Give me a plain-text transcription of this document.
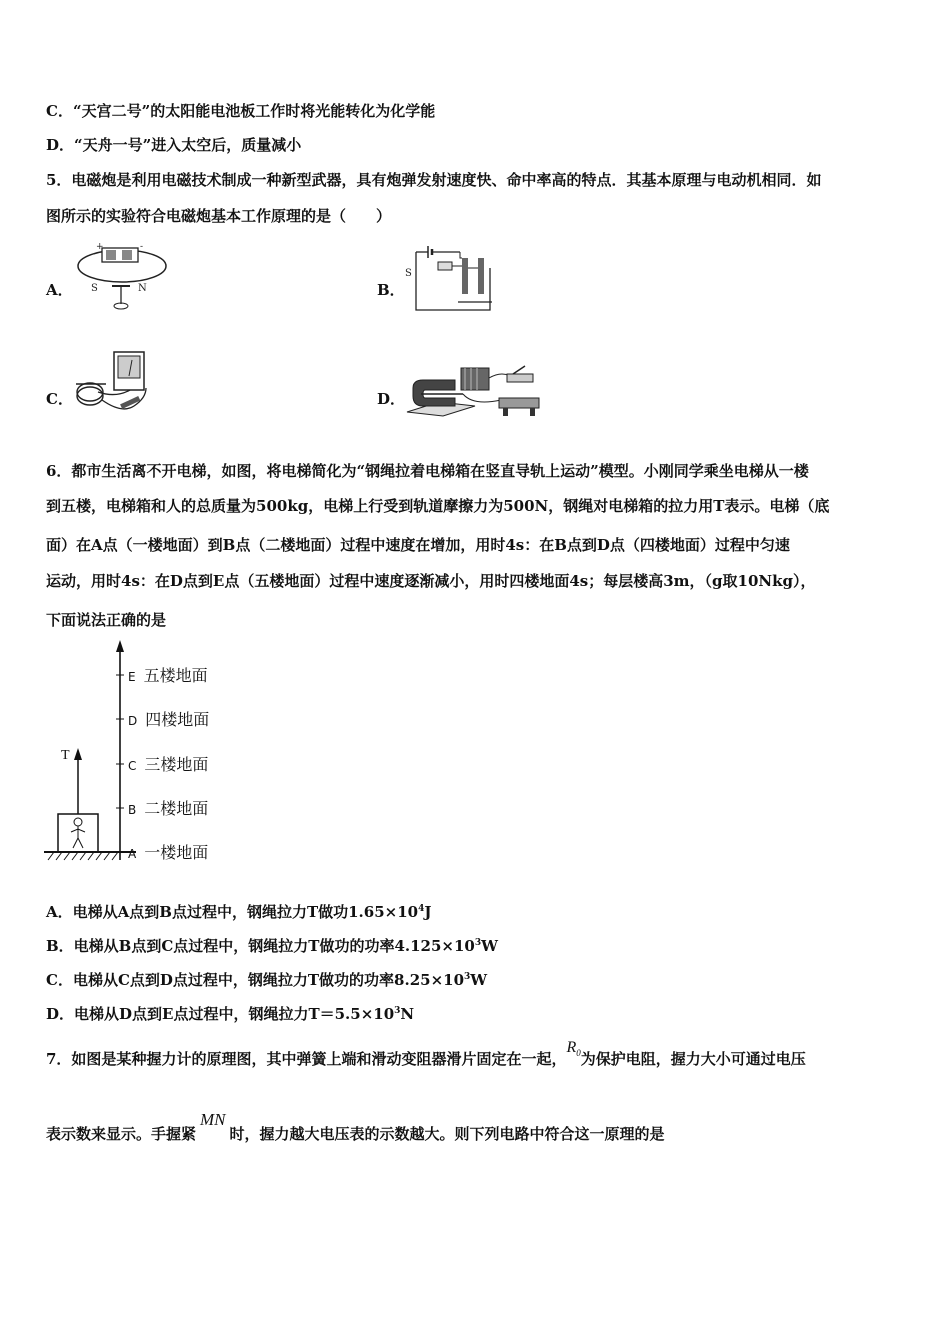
C．“天宫二号”的太阳能电池板工作时将光能转化为化学能
D．“天舟一号”进入太空后，质量减小
5．电磁炮是利用电磁技术制成一种新型武器，具有炮弹发射速度快、命中率高的特点．其基本原理与电动机相同．如
图所示的实验符合电磁炮基本工作原理的是（　　）
A．
+	-
S	N	B．
S
C．	D．
6．都市生活离不开电梯，如图，将电梯简化为“钢绳拉着电梯箱在竖直导轨上运动”模型。小刚同学乘坐电梯从一楼
到五楼，电梯箱和人的总质量为500kg，电梯上行受到轨道摩擦力为500N，钢绳对电梯箱的拉力用T表示。电梯（底
面）在A点（一楼地面）到B点（二楼地面）过程中速度在增加，用时4s：在B点到D点（四楼地面）过程中匀速
运动，用时4s：在D点到E点（五楼地面）过程中速度逐渐减小，用时四楼地面4s；每层楼高3m，（g取10Nkg），
下面说法正确的是
T
E 五楼地面
D 四楼地面
C 三楼地面
B 二楼地面
A 一楼地面
A．电梯从A点到B点过程中，钢绳拉力T做功$1.65\times 10^4J$
B．电梯从B点到C点过程中，钢绳拉力T做功的功率$4.125\times 10^3W$
C．电梯从C点到D点过程中，钢绳拉力T做功的功率$8.25\times 10^3W$
D．电梯从D点到E点过程中，钢绳拉力$T=5.5\times 10^3N$
7．如图是某种握力计的原理图，其中弹簧上端和滑动变阻器滑片固定在一起，$R_0$为保护电阻，握力大小可通过电压
表示数来显示。手握紧MN时，握力越大电压表的示数越大。则下列电路中符合这一原理的是
